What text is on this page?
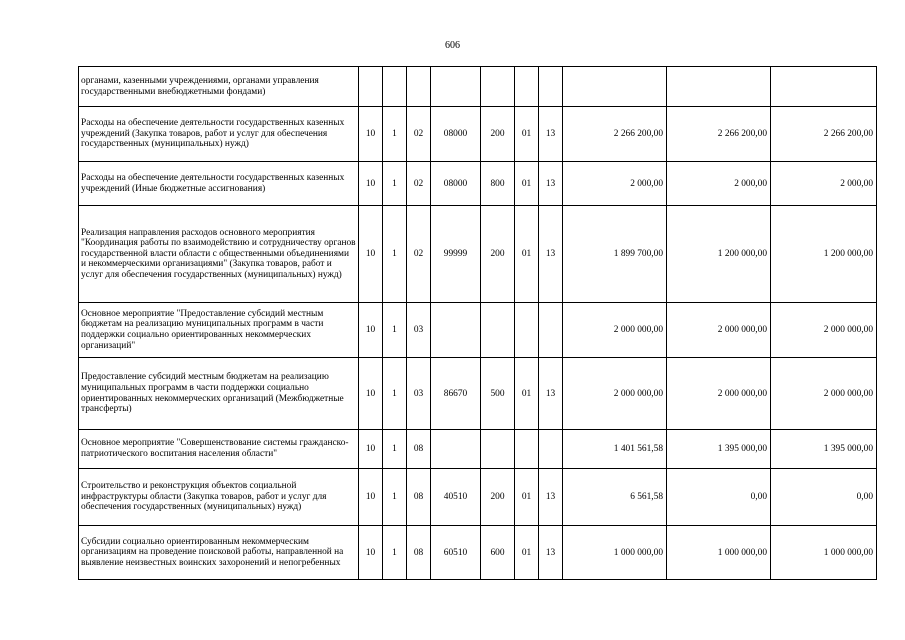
606
органами, казенными учреждениями, органами управления государственными внебюджетными фондами)										
Расходы на обеспечение деятельности государственных казенных учреждений (Закупка товаров, работ и услуг для обеспечения государственных (муниципальных) нужд)	10	1	02	08000	200	01	13	2 266 200,00	2 266 200,00	2 266 200,00
Расходы на обеспечение деятельности государственных казенных учреждений (Иные бюджетные ассигнования)	10	1	02	08000	800	01	13	2 000,00	2 000,00	2 000,00
Реализация направления расходов основного мероприятия "Координация работы по взаимодействию и сотрудничеству органов государственной власти области с общественными объединениями и некоммерческими организациями" (Закупка товаров, работ и услуг для обеспечения государственных (муниципальных) нужд)	10	1	02	99999	200	01	13	1 899 700,00	1 200 000,00	1 200 000,00
Основное мероприятие "Предоставление субсидий местным бюджетам на реализацию муниципальных программ в части поддержки социально ориентированных некоммерческих организаций"	10	1	03					2 000 000,00	2 000 000,00	2 000 000,00
Предоставление субсидий местным бюджетам на реализацию муниципальных программ в части поддержки социально ориентированных некоммерческих организаций (Межбюджетные трансферты)	10	1	03	86670	500	01	13	2 000 000,00	2 000 000,00	2 000 000,00
Основное мероприятие "Совершенствование системы гражданско-патриотического воспитания населения области"	10	1	08					1 401 561,58	1 395 000,00	1 395 000,00
Строительство и реконструкция объектов социальной инфраструктуры области (Закупка товаров, работ и услуг для обеспечения государственных (муниципальных) нужд)	10	1	08	40510	200	01	13	6 561,58	0,00	0,00
Субсидии социально ориентированным некоммерческим организациям на проведение поисковой работы, направленной на выявление неизвестных воинских захоронений и непогребенных	10	1	08	60510	600	01	13	1 000 000,00	1 000 000,00	1 000 000,00
